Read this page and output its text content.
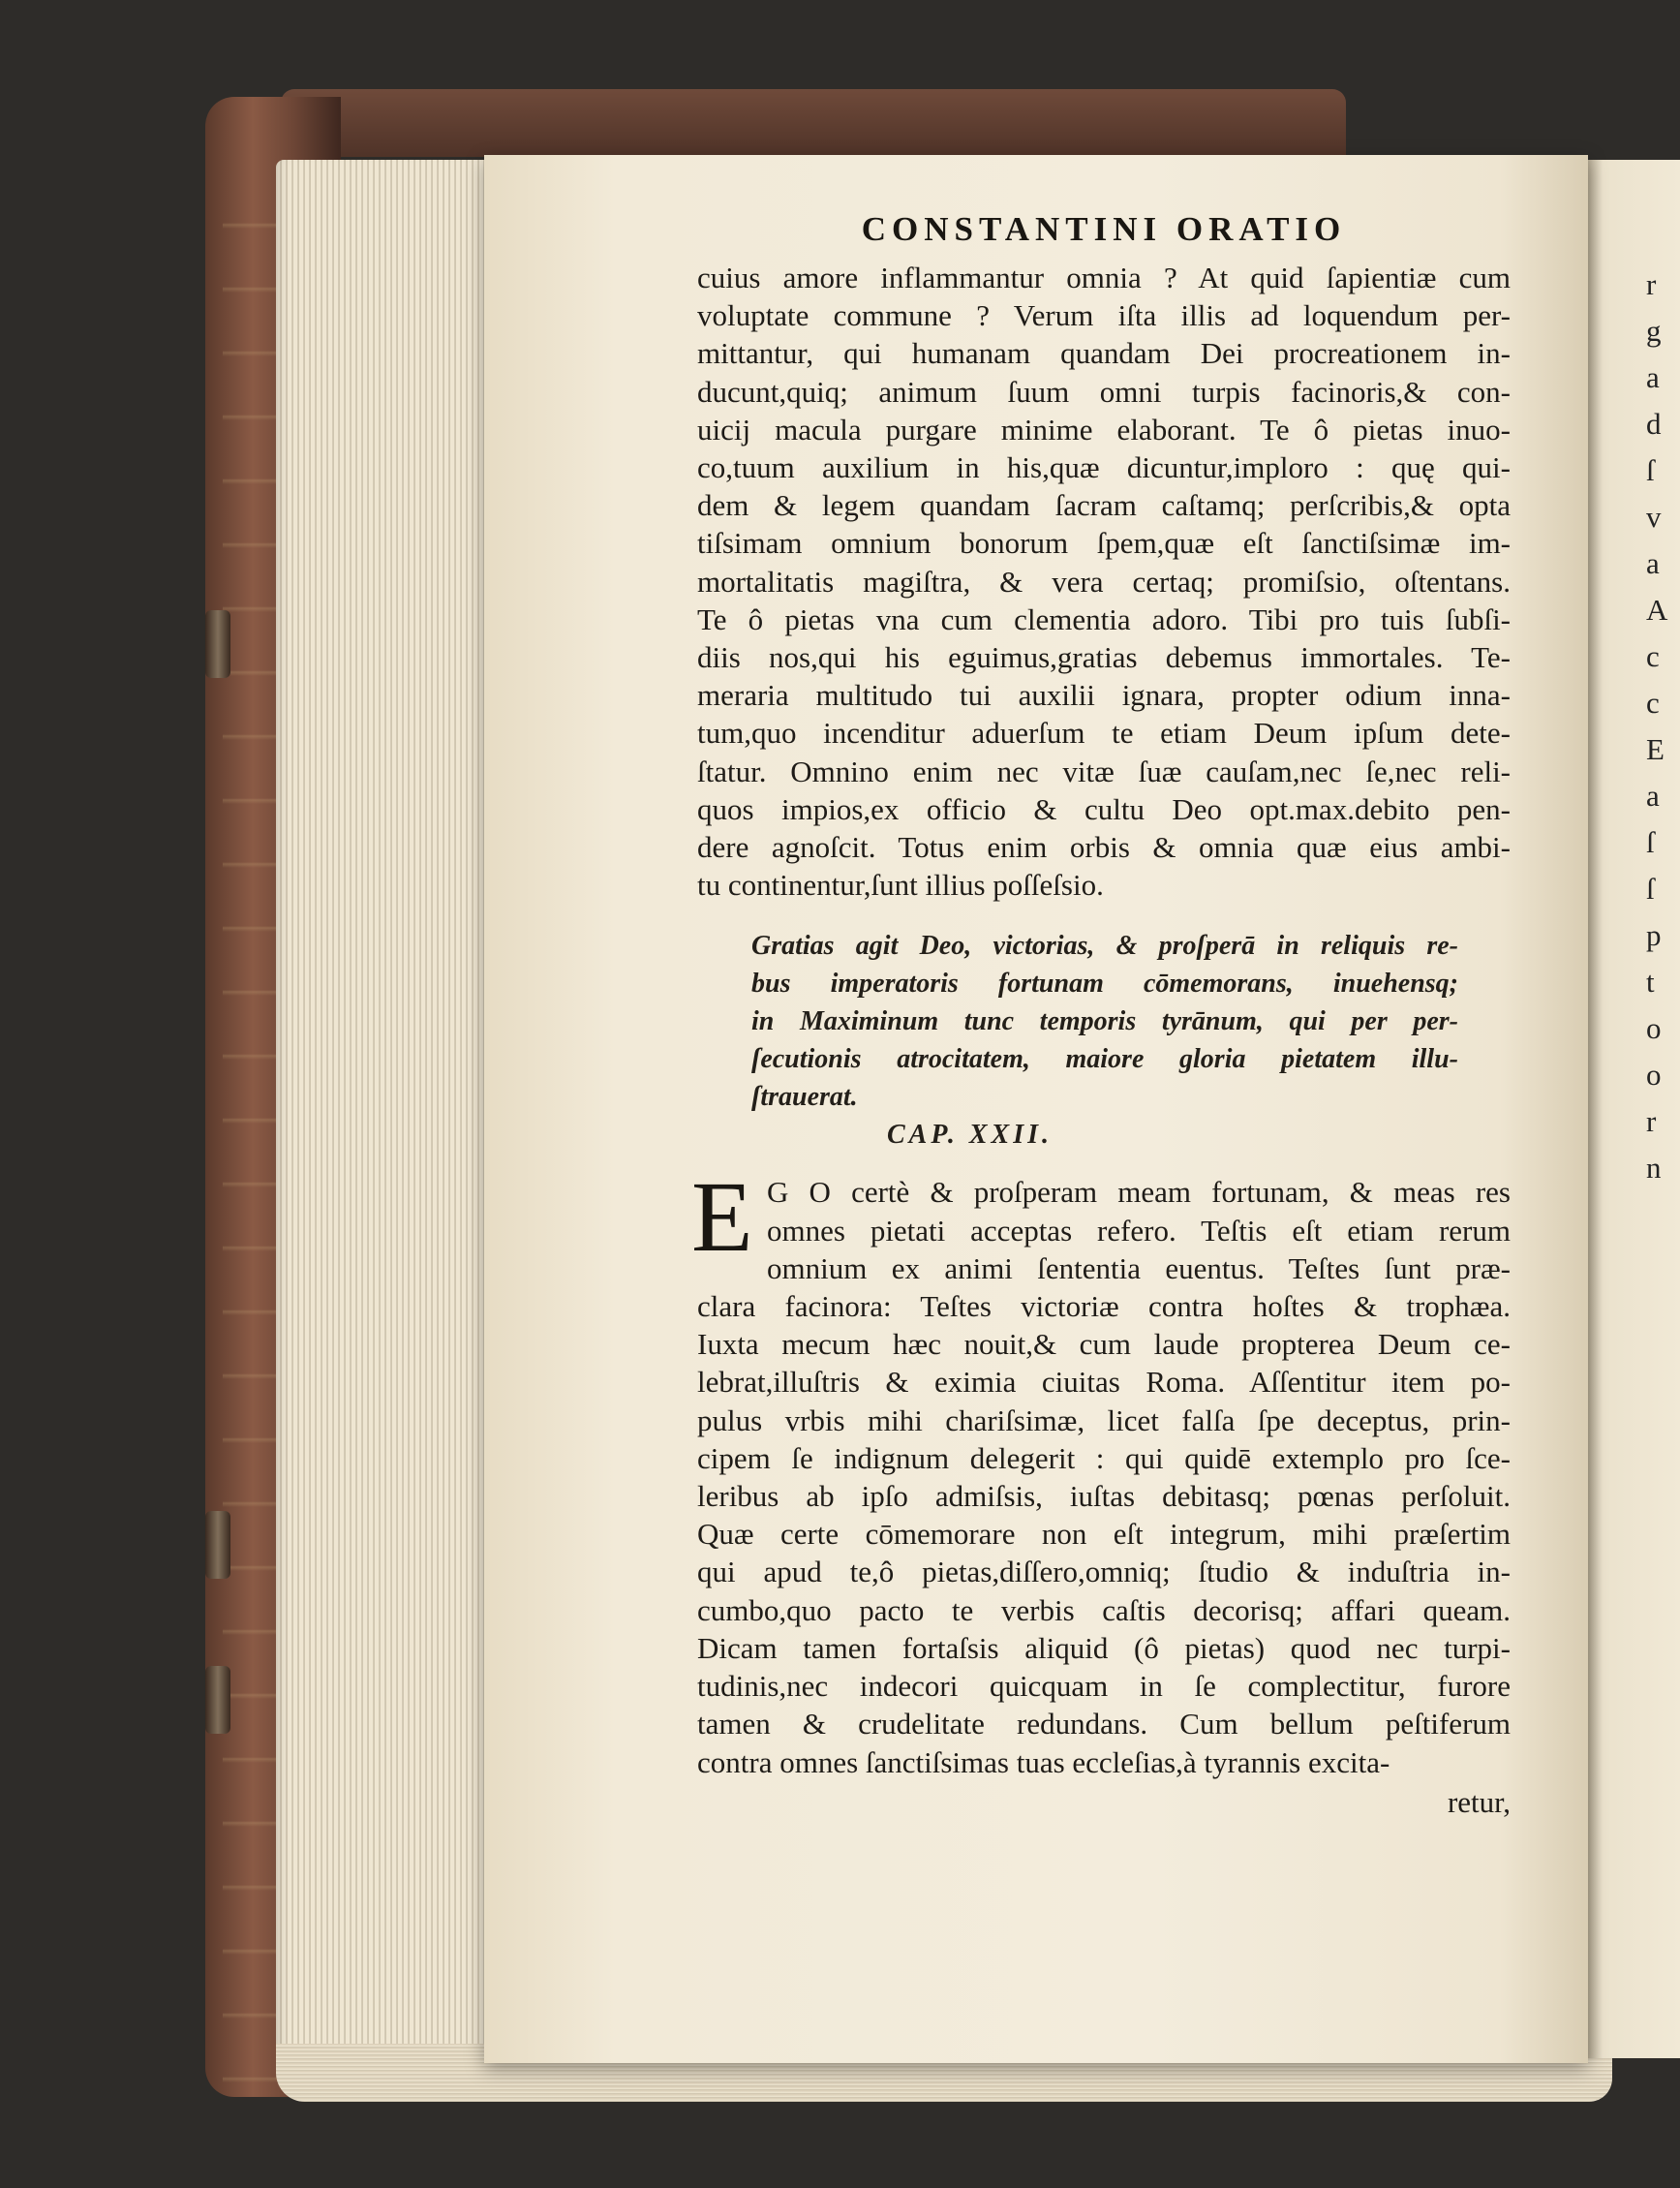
r
g
a
d
ſ
v
a
A
c
c
E
a
ſ
ſ
p
t
o
o
r
n
CONSTANTINI ORATIO
cuius amore inflammantur omnia ? At quid ſapientiæ cum
voluptate commune ? Verum iſta illis ad loquendum per-
mittantur, qui humanam quandam Dei procreationem in-
ducunt,quiq; animum ſuum omni turpis facinoris,& con-
uicij macula purgare minime elaborant. Te ô pietas inuo-
co,tuum auxilium in his,quæ dicuntur,imploro : quę qui-
dem & legem quandam ſacram caſtamq; perſcribis,& opta
tiſsimam omnium bonorum ſpem,quæ eſt ſanctiſsimæ im-
mortalitatis magiſtra, & vera certaq; promiſsio, oſtentans.
Te ô pietas vna cum clementia adoro. Tibi pro tuis ſubſi-
diis nos,qui his eguimus,gratias debemus immortales. Te-
meraria multitudo tui auxilii ignara, propter odium inna-
tum,quo incenditur aduerſum te etiam Deum ipſum dete-
ſtatur. Omnino enim nec vitæ ſuæ cauſam,nec ſe,nec reli-
quos impios,ex officio & cultu Deo opt.max.debito pen-
dere agnoſcit. Totus enim orbis & omnia quæ eius ambi-
tu continentur,ſunt illius poſſeſsio.
Gratias agit Deo, victorias, & proſperā in reliquis re-
bus imperatoris fortunam cōmemorans, inuehensq;
in Maximinum tunc temporis tyrānum, qui per per-
ſecutionis atrocitatem, maiore gloria pietatem illu-
ſtrauerat.
CAP. XXII.
E G O certè & proſperam meam fortunam, & meas res
omnes pietati acceptas refero. Teſtis eſt etiam rerum
omnium ex animi ſententia euentus. Teſtes ſunt præ-
clara facinora: Teſtes victoriæ contra hoſtes & trophæa.
Iuxta mecum hæc nouit,& cum laude propterea Deum ce-
lebrat,illuſtris & eximia ciuitas Roma. Aſſentitur item po-
pulus vrbis mihi chariſsimæ, licet falſa ſpe deceptus, prin-
cipem ſe indignum delegerit : qui quidē extemplo pro ſce-
leribus ab ipſo admiſsis, iuſtas debitasq; pœnas perſoluit.
Quæ certe cōmemorare non eſt integrum, mihi præſertim
qui apud te,ô pietas,diſſero,omniq; ſtudio & induſtria in-
cumbo,quo pacto te verbis caſtis decorisq; affari queam.
Dicam tamen fortaſsis aliquid (ô pietas) quod nec turpi-
tudinis,nec indecori quicquam in ſe complectitur, furore
tamen & crudelitate redundans. Cum bellum peſtiferum
contra omnes ſanctiſsimas tuas eccleſias,à tyrannis excita-
retur,
